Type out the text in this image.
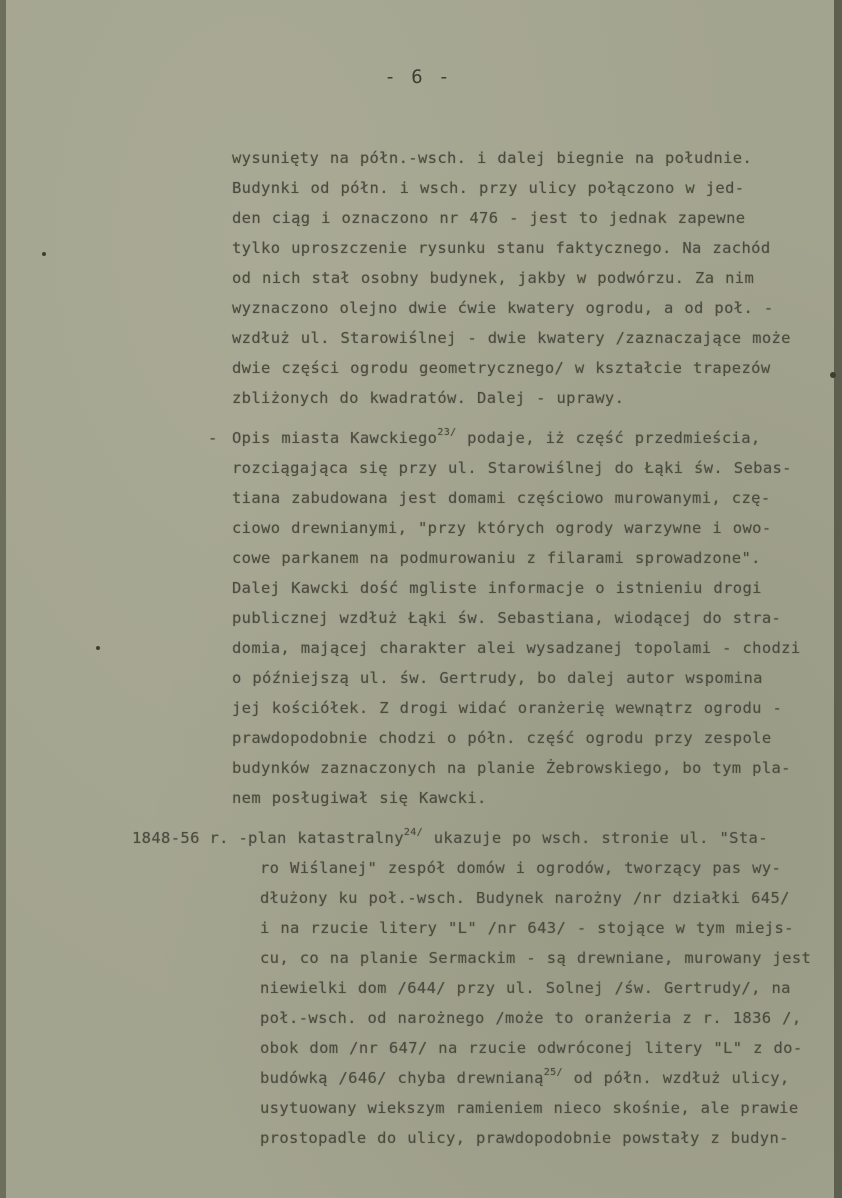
- 6 -
wysunięty na półn.-wsch. i dalej biegnie na południe.
Budynki od półn. i wsch. przy ulicy połączono w jed-
den ciąg i oznaczono nr 476 - jest to jednak zapewne
tylko uproszczenie rysunku stanu faktycznego. Na zachód
od nich stał osobny budynek, jakby w podwórzu. Za nim
wyznaczono olejno dwie ćwie kwatery ogrodu, a od poł. -
wzdłuż ul. Starowiślnej - dwie kwatery /zaznaczające może
dwie części ogrodu geometrycznego/ w kształcie trapezów
zbliżonych do kwadratów. Dalej - uprawy.
- Opis miasta Kawckiego$^{23/}$ podaje, iż część przedmieścia,
rozciągająca się przy ul. Starowiślnej do Łąki św. Sebas-
tiana zabudowana jest domami częściowo murowanymi, czę-
ciowo drewnianymi, "przy których ogrody warzywne i owo-
cowe parkanem na podmurowaniu z filarami sprowadzone".
Dalej Kawcki dość mgliste informacje o istnieniu drogi
publicznej wzdłuż Łąki św. Sebastiana, wiodącej do stra-
domia, mającej charakter alei wysadzanej topolami - chodzi
o późniejszą ul. św. Gertrudy, bo dalej autor wspomina
jej kościółek. Z drogi widać oranżerię wewnątrz ogrodu -
prawdopodobnie chodzi o półn. część ogrodu przy zespole
budynków zaznaczonych na planie Żebrowskiego, bo tym pla-
nem posługiwał się Kawcki.
plan katastralny$^{24/}$ ukazuje po wsch. stronie ul. "Sta-
ro Wiślanej" zespół domów i ogrodów, tworzący pas wy-
dłużony ku poł.-wsch. Budynek narożny /nr działki 645/
i na rzucie litery "L" /nr 643/ - stojące w tym miejs-
cu, co na planie Sermackim - są drewniane, murowany jest
niewielki dom /644/ przy ul. Solnej /św. Gertrudy/, na
poł.-wsch. od narożnego /może to oranżeria z r. 1836 /,
obok dom /nr 647/ na rzucie odwróconej litery "L" z do-
budówką /646/ chyba drewnianą$^{25/}$ od półn. wzdłuż ulicy,
usytuowany wiekszym ramieniem nieco skośnie, ale prawie
prostopadle do ulicy, prawdopodobnie powstały z budyn-
1848-56 r. -
